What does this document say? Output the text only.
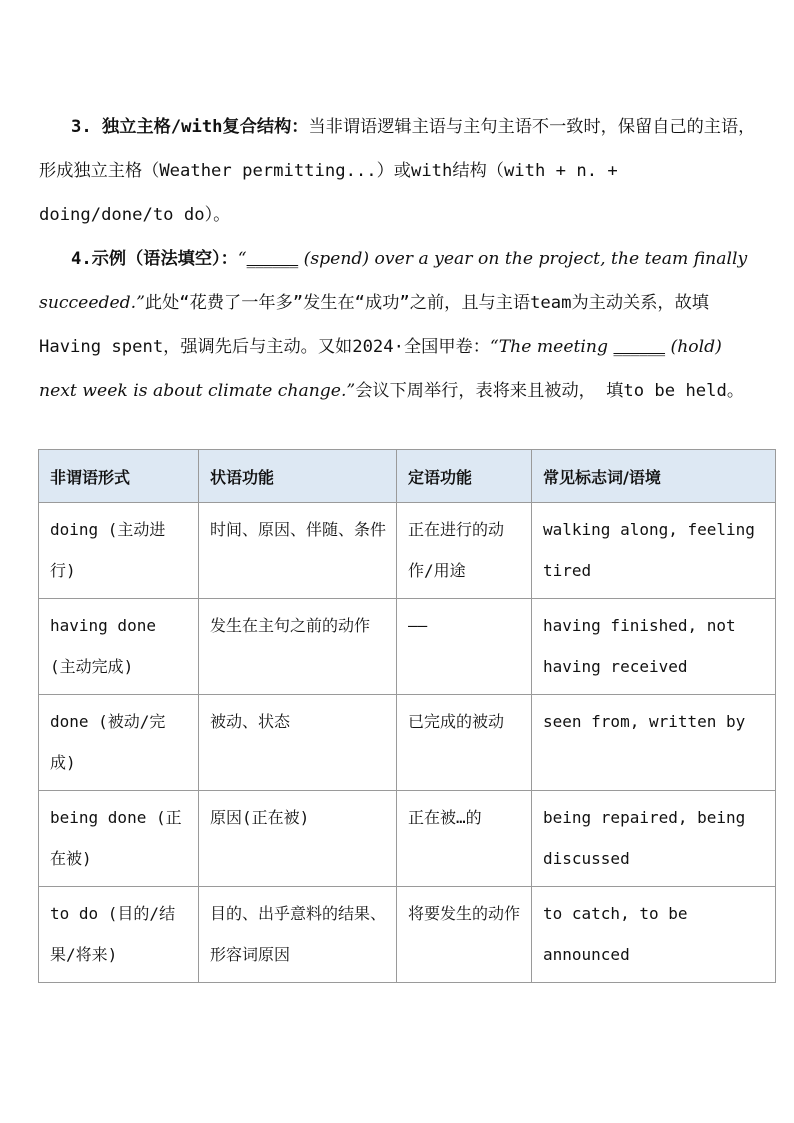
3. 独立主格/with复合结构：当非谓语逻辑主语与主句主语不一致时，保留自己的主语，形成独立主格（Weather permitting...）或with结构（with + n. + doing/done/to do）。

4.示例（语法填空）：“______ (spend) over a year on the project, the team finally succeeded.”此处“花费了一年多”发生在“成功”之前，且与主语team为主动关系，故填Having spent，强调先后与主动。又如2024·全国甲卷：“The meeting ______ (hold) next week is about climate change.”会议下周举行，表将来且被动， 填to be held。

非谓语形式	状语功能	定语功能	常见标志词/语境
doing (主动进行)	时间、原因、伴随、条件	正在进行的动作/用途	walking along, feeling tired
having done (主动完成)	发生在主句之前的动作	——	having finished, not having received
done (被动/完成)	被动、状态	已完成的被动	seen from, written by
being done (正在被)	原因(正在被)	正在被…的	being repaired, being discussed
to do (目的/结果/将来)	目的、出乎意料的结果、形容词原因	将要发生的动作	to catch, to be announced
